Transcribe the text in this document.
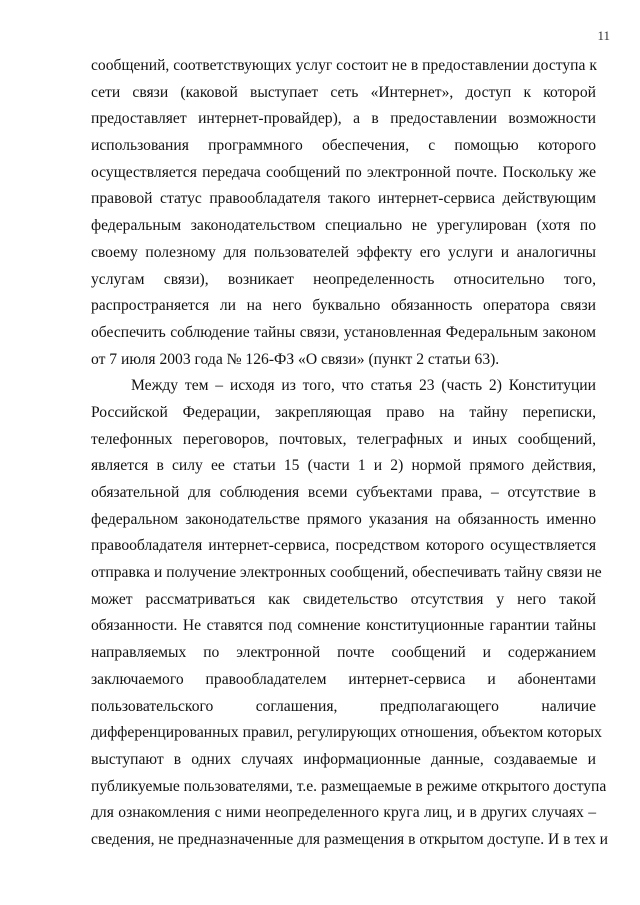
11

сообщений, соответствующих услуг состоит не в предоставлении доступа к
сети связи (каковой выступает сеть «Интернет», доступ к которой
предоставляет интернет-провайдер), а в предоставлении возможности
использования программного обеспечения, с помощью которого
осуществляется передача сообщений по электронной почте. Поскольку же
правовой статус правообладателя такого интернет-сервиса действующим
федеральным законодательством специально не урегулирован (хотя по
своему полезному для пользователей эффекту его услуги и аналогичны
услугам связи), возникает неопределенность относительно того,
распространяется ли на него буквально обязанность оператора связи
обеспечить соблюдение тайны связи, установленная Федеральным законом
от 7 июля 2003 года № 126-ФЗ «О связи» (пункт 2 статьи 63).

Между тем – исходя из того, что статья 23 (часть 2) Конституции
Российской Федерации, закрепляющая право на тайну переписки,
телефонных переговоров, почтовых, телеграфных и иных сообщений,
является в силу ее статьи 15 (части 1 и 2) нормой прямого действия,
обязательной для соблюдения всеми субъектами права, – отсутствие в
федеральном законодательстве прямого указания на обязанность именно
правообладателя интернет-сервиса, посредством которого осуществляется
отправка и получение электронных сообщений, обеспечивать тайну связи не
может рассматриваться как свидетельство отсутствия у него такой
обязанности. Не ставятся под сомнение конституционные гарантии тайны
направляемых по электронной почте сообщений и содержанием
заключаемого правообладателем интернет-сервиса и абонентами
пользовательского соглашения, предполагающего наличие
дифференцированных правил, регулирующих отношения, объектом которых
выступают в одних случаях информационные данные, создаваемые и
публикуемые пользователями, т.е. размещаемые в режиме открытого доступа
для ознакомления с ними неопределенного круга лиц, и в других случаях –
сведения, не предназначенные для размещения в открытом доступе. И в тех и
